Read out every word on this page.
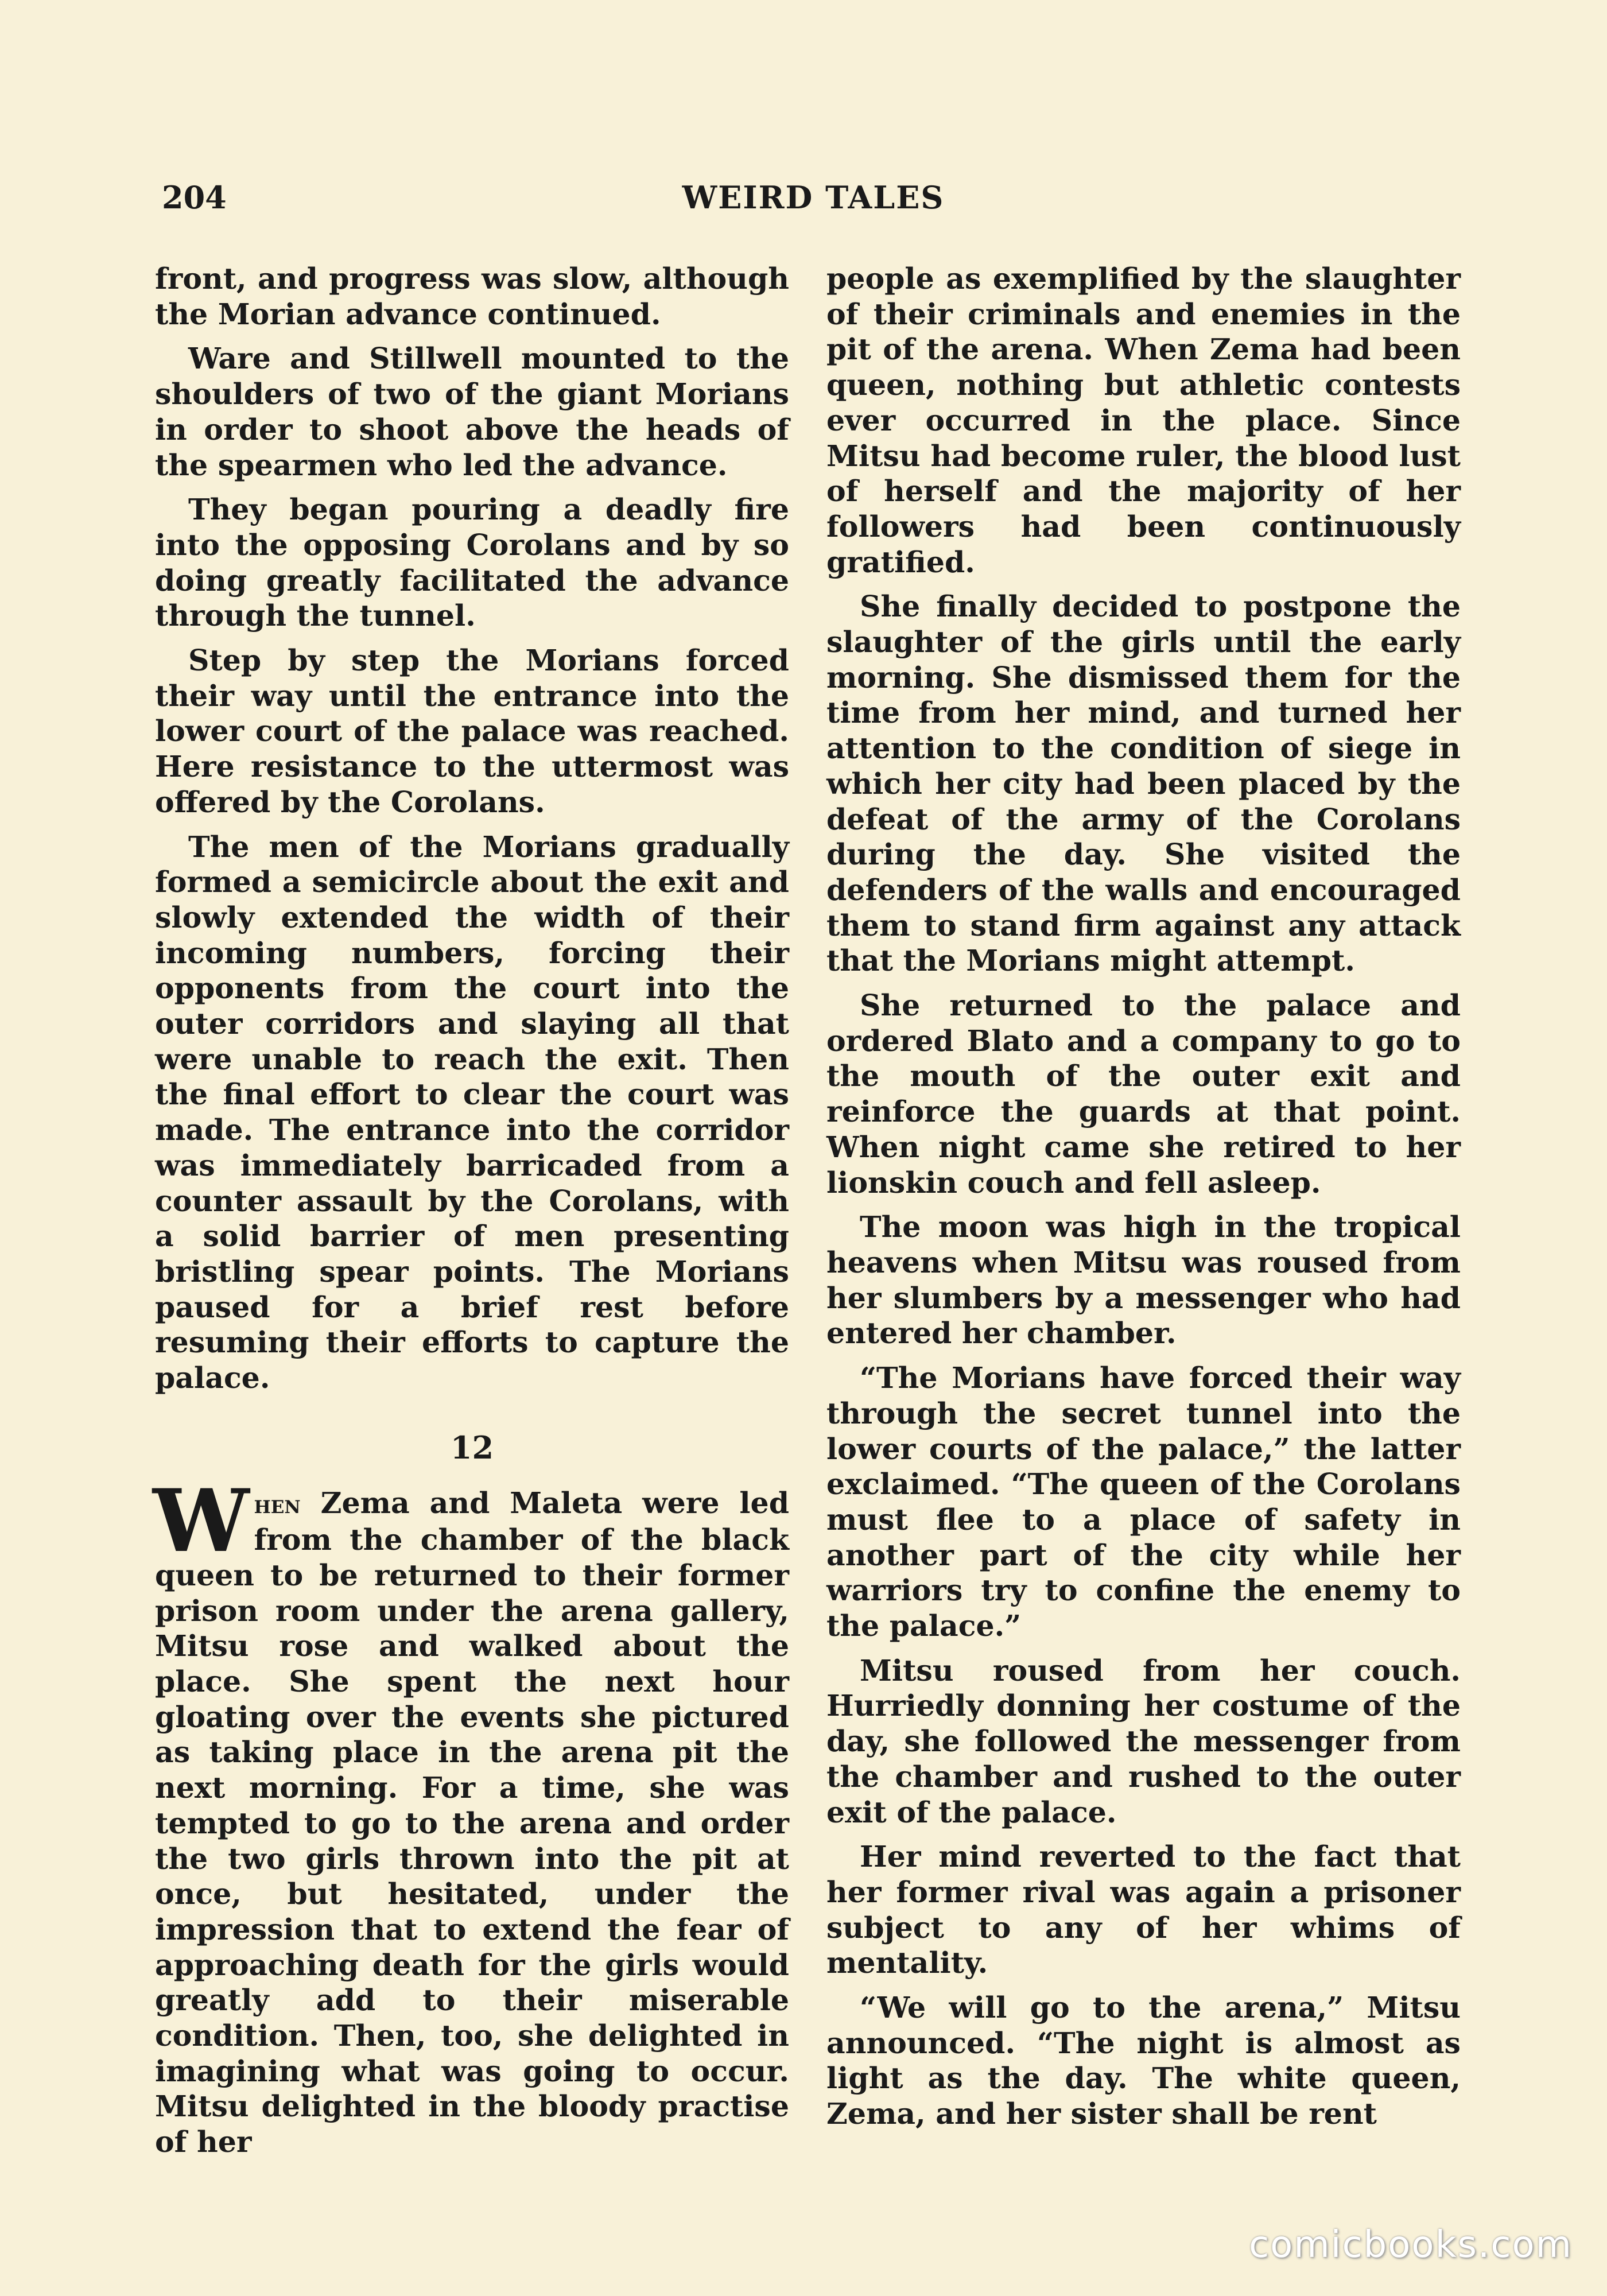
204	WEIRD TALES

front, and progress was slow, although the Morian advance continued.

Ware and Stillwell mounted to the shoulders of two of the giant Morians in order to shoot above the heads of the spearmen who led the advance.

They began pouring a deadly fire into the opposing Corolans and by so doing greatly facilitated the advance through the tunnel.

Step by step the Morians forced their way until the entrance into the lower court of the palace was reached. Here resistance to the uttermost was offered by the Corolans.

The men of the Morians gradually formed a semicircle about the exit and slowly extended the width of their incoming numbers, forcing their opponents from the court into the outer corridors and slaying all that were unable to reach the exit. Then the final effort to clear the court was made. The entrance into the corridor was immediately barricaded from a counter assault by the Corolans, with a solid barrier of men presenting bristling spear points. The Morians paused for a brief rest before resuming their efforts to capture the palace.

12

When Zema and Maleta were led from the chamber of the black queen to be returned to their former prison room under the arena gallery, Mitsu rose and walked about the place. She spent the next hour gloating over the events she pictured as taking place in the arena pit the next morning. For a time, she was tempted to go to the arena and order the two girls thrown into the pit at once, but hesitated, under the impression that to extend the fear of approaching death for the girls would greatly add to their miserable condition. Then, too, she delighted in imagining what was going to occur. Mitsu delighted in the bloody practise of her

people as exemplified by the slaughter of their criminals and enemies in the pit of the arena. When Zema had been queen, nothing but athletic contests ever occurred in the place. Since Mitsu had become ruler, the blood lust of herself and the majority of her followers had been continuously gratified.

She finally decided to postpone the slaughter of the girls until the early morning. She dismissed them for the time from her mind, and turned her attention to the condition of siege in which her city had been placed by the defeat of the army of the Corolans during the day. She visited the defenders of the walls and encouraged them to stand firm against any attack that the Morians might attempt.

She returned to the palace and ordered Blato and a company to go to the mouth of the outer exit and reinforce the guards at that point. When night came she retired to her lionskin couch and fell asleep.

The moon was high in the tropical heavens when Mitsu was roused from her slumbers by a messenger who had entered her chamber.

“The Morians have forced their way through the secret tunnel into the lower courts of the palace,” the latter exclaimed. “The queen of the Corolans must flee to a place of safety in another part of the city while her warriors try to confine the enemy to the palace.”

Mitsu roused from her couch. Hurriedly donning her costume of the day, she followed the messenger from the chamber and rushed to the outer exit of the palace.

Her mind reverted to the fact that her former rival was again a prisoner subject to any of her whims of mentality.

“We will go to the arena,” Mitsu announced. “The night is almost as light as the day. The white queen, Zema, and her sister shall be rent

comicbooks.com
